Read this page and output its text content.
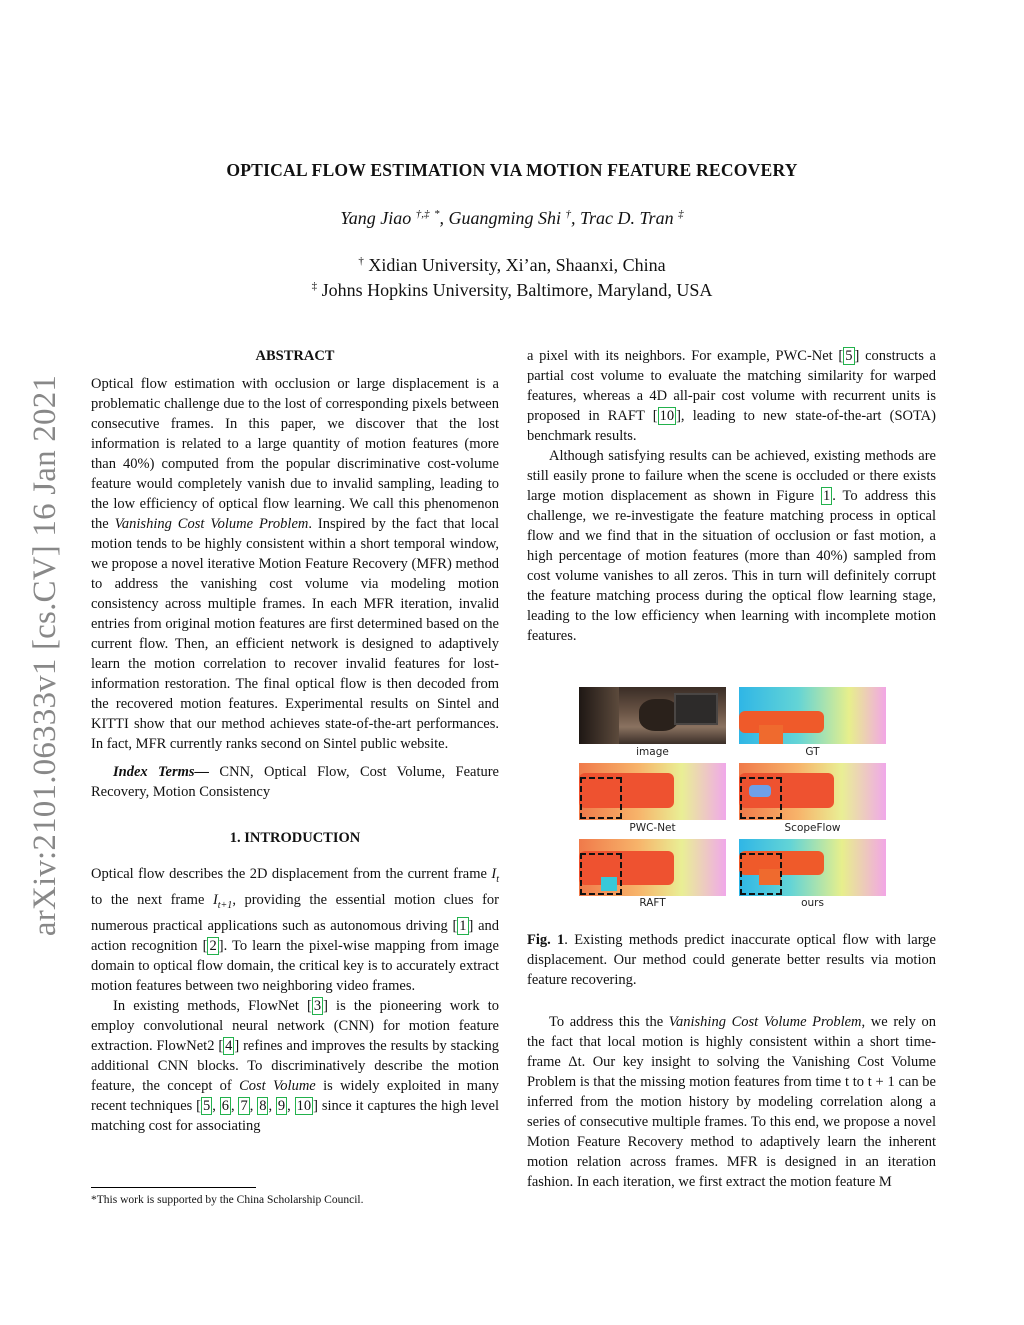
arXiv:2101.06333v1 [cs.CV] 16 Jan 2021
OPTICAL FLOW ESTIMATION VIA MOTION FEATURE RECOVERY
Yang Jiao †,‡ *, Guangming Shi †, Trac D. Tran ‡
† Xidian University, Xi’an, Shaanxi, China
‡ Johns Hopkins University, Baltimore, Maryland, USA
ABSTRACT

Optical flow estimation with occlusion or large displacement is a problematic challenge due to the lost of corresponding pixels between consecutive frames. In this paper, we discover that the lost information is related to a large quantity of motion features (more than 40%) computed from the popular discriminative cost-volume feature would completely vanish due to invalid sampling, leading to the low efficiency of optical flow learning. We call this phenomenon the Vanishing Cost Volume Problem. Inspired by the fact that local motion tends to be highly consistent within a short temporal window, we propose a novel iterative Motion Feature Recovery (MFR) method to address the vanishing cost volume via modeling motion consistency across multiple frames. In each MFR iteration, invalid entries from original motion features are first determined based on the current flow. Then, an efficient network is designed to adaptively learn the motion correlation to recover invalid features for lost-information restoration. The final optical flow is then decoded from the recovered motion features. Experimental results on Sintel and KITTI show that our method achieves state-of-the-art performances. In fact, MFR currently ranks second on Sintel public website.

Index Terms— CNN, Optical Flow, Cost Volume, Feature Recovery, Motion Consistency

1. INTRODUCTION

Optical flow describes the 2D displacement from the current frame $I_t$ to the next frame $I_{t+1}$, providing the essential motion clues for numerous practical applications such as autonomous driving [ 1 ] and action recognition [ 2 ]. To learn the pixel-wise mapping from image domain to optical flow domain, the critical key is to accurately extract motion features between two neighboring video frames.

In existing methods, FlowNet [ 3 ] is the pioneering work to employ convolutional neural network (CNN) for motion feature extraction. FlowNet2 [ 4 ] refines and improves the results by stacking additional CNN blocks. To discriminatively describe the motion feature, the concept of Cost Volume is widely exploited in many recent techniques [ 5 , 6 , 7 , 8 , 9 , 10 ] since it captures the high level matching cost for associating

*This work is supported by the China Scholarship Council.

a pixel with its neighbors. For example, PWC-Net [ 5 ] constructs a partial cost volume to evaluate the matching similarity for warped features, whereas a 4D all-pair cost volume with recurrent units is proposed in RAFT [ 10 ], leading to new state-of-the-art (SOTA) benchmark results.

Although satisfying results can be achieved, existing methods are still easily prone to failure when the scene is occluded or there exists large motion displacement as shown in Figure 1 . To address this challenge, we re-investigate the feature matching process in optical flow and we find that in the situation of occlusion or fast motion, a high percentage of motion features (more than 40%) sampled from cost volume vanishes to all zeros. This in turn will definitely corrupt the feature matching process during the optical flow learning stage, leading to the low efficiency when learning with incomplete motion features.

image	GT
PWC-Net	ScopeFlow
RAFT	ours
Fig. 1. Existing methods predict inaccurate optical flow with large displacement. Our method could generate better results via motion feature recovering.

To address this the Vanishing Cost Volume Problem, we rely on the fact that local motion is highly consistent within a short time-frame Δt. Our key insight to solving the Vanishing Cost Volume Problem is that the missing motion features from time t to t + 1 can be inferred from the motion history by modeling correlation along a series of consecutive multiple frames. To this end, we propose a novel Motion Feature Recovery method to adaptively learn the inherent motion relation across frames. MFR is designed in an iteration fashion. In each iteration, we first extract the motion feature M
